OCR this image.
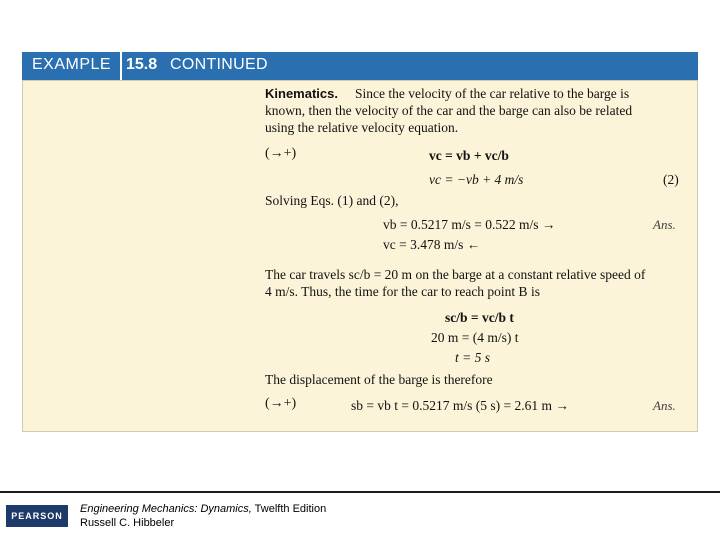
EXAMPLE 15.8 CONTINUED
Kinematics. Since the velocity of the car relative to the barge is
known, then the velocity of the car and the barge can also be related
using the relative velocity equation.
(→+)	vc = vb + vc/b
vc = −vb + 4 m/s	(2)
Solving Eqs. (1) and (2),
vb = 0.5217 m/s = 0.522 m/s →	Ans.
vc = 3.478 m/s ←
The car travels sc/b = 20 m on the barge at a constant relative speed of
4 m/s. Thus, the time for the car to reach point B is
sc/b = vc/b t
20 m = (4 m/s) t
t = 5 s
The displacement of the barge is therefore
(→+)	sb = vb t = 0.5217 m/s (5 s) = 2.61 m →	Ans.
PEARSON
Engineering Mechanics: Dynamics, Twelfth Edition
Russell C. Hibbeler
